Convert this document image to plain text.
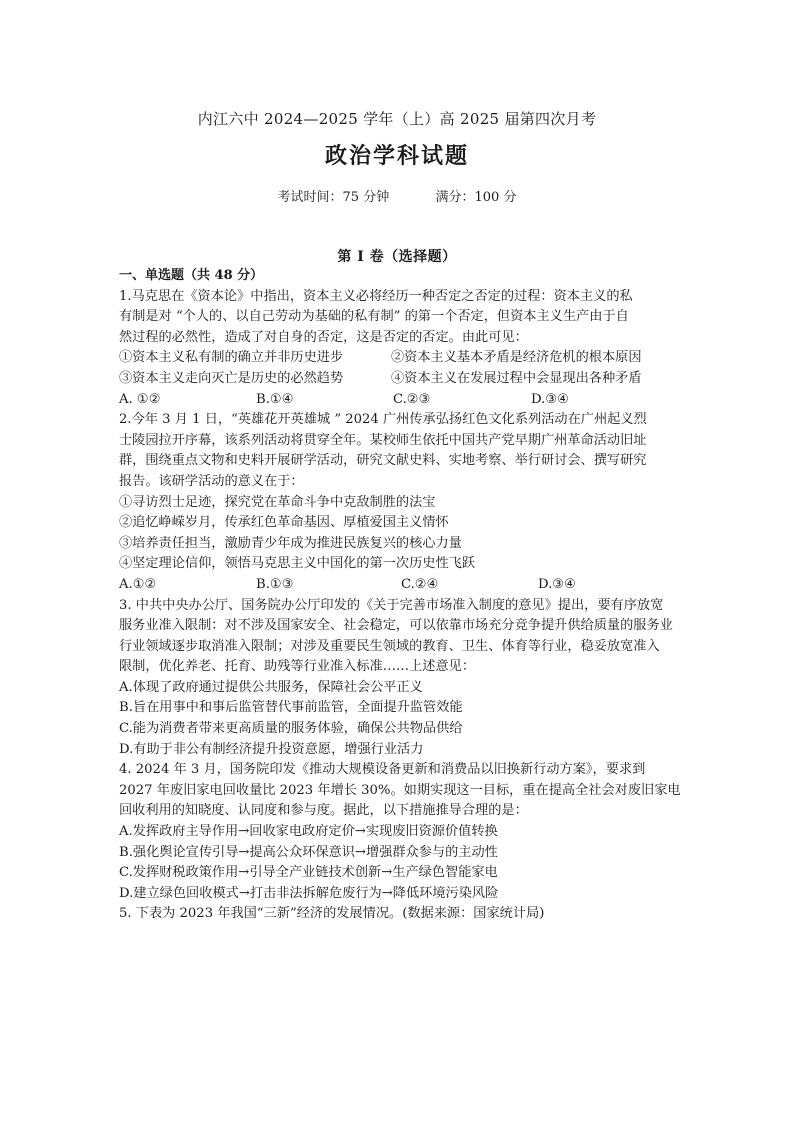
内江六中 2024—2025 学年（上）高 2025 届第四次月考
政治学科试题
考试时间：75 分钟	满分：100 分
第 I 卷（选择题）

一、单选题（共 48 分）

1.马克思在《资本论》中指出，资本主义必将经历一种否定之否定的过程：资本主义的私

有制是对 “个人的、以自己劳动为基础的私有制” 的第一个否定，但资本主义生产由于自

然过程的必然性，造成了对自身的否定，这是否定的否定。由此可见：

①资本主义私有制的确立并非历史进步	②资本主义基本矛盾是经济危机的根本原因

③资本主义走向灭亡是历史的必然趋势	④资本主义在发展过程中会显现出各种矛盾

A. ①②	B.①④	C.②③	D.③④

2.今年 3 月 1 日，“英雄花开英雄城 ” 2024 广州传承弘扬红色文化系列活动在广州起义烈

士陵园拉开序幕，该系列活动将贯穿全年。某校师生依托中国共产党早期广州革命活动旧址

群，围绕重点文物和史料开展研学活动，研究文献史料、实地考察、举行研讨会、撰写研究

报告。该研学活动的意义在于：

①寻访烈士足迹，探究党在革命斗争中克敌制胜的法宝

②追忆峥嵘岁月，传承红色革命基因、厚植爱国主义情怀

③培养责任担当，激励青少年成为推进民族复兴的核心力量

④坚定理论信仰，领悟马克思主义中国化的第一次历史性飞跃

A.①②	B.①③	C.②④	D.③④

3. 中共中央办公厅、国务院办公厅印发的《关于完善市场准入制度的意见》提出，要有序放宽

服务业准入限制：对不涉及国家安全、社会稳定，可以依靠市场充分竞争提升供给质量的服务业

行业领域逐步取消准入限制；对涉及重要民生领域的教育、卫生、体育等行业，稳妥放宽准入

限制，优化养老、托育、助残等行业准入标准……上述意见：

A.体现了政府通过提供公共服务，保障社会公平正义

B.旨在用事中和事后监管替代事前监管，全面提升监管效能

C.能为消费者带来更高质量的服务体验，确保公共物品供给

D.有助于非公有制经济提升投资意愿，增强行业活力

4. 2024 年 3 月，国务院印发《推动大规模设备更新和消费品以旧换新行动方案》，要求到

2027 年废旧家电回收量比 2023 年增长 30%。如期实现这一目标，重在提高全社会对废旧家电

回收利用的知晓度、认同度和参与度。据此，以下措施推导合理的是：

A.发挥政府主导作用→回收家电政府定价→实现废旧资源价值转换

B.强化舆论宣传引导→提高公众环保意识→增强群众参与的主动性

C.发挥财税政策作用→引导全产业链技术创新→生产绿色智能家电

D.建立绿色回收模式→打击非法拆解危废行为→降低环境污染风险

5. 下表为 2023 年我国“三新”经济的发展情况。(数据来源：国家统计局)
